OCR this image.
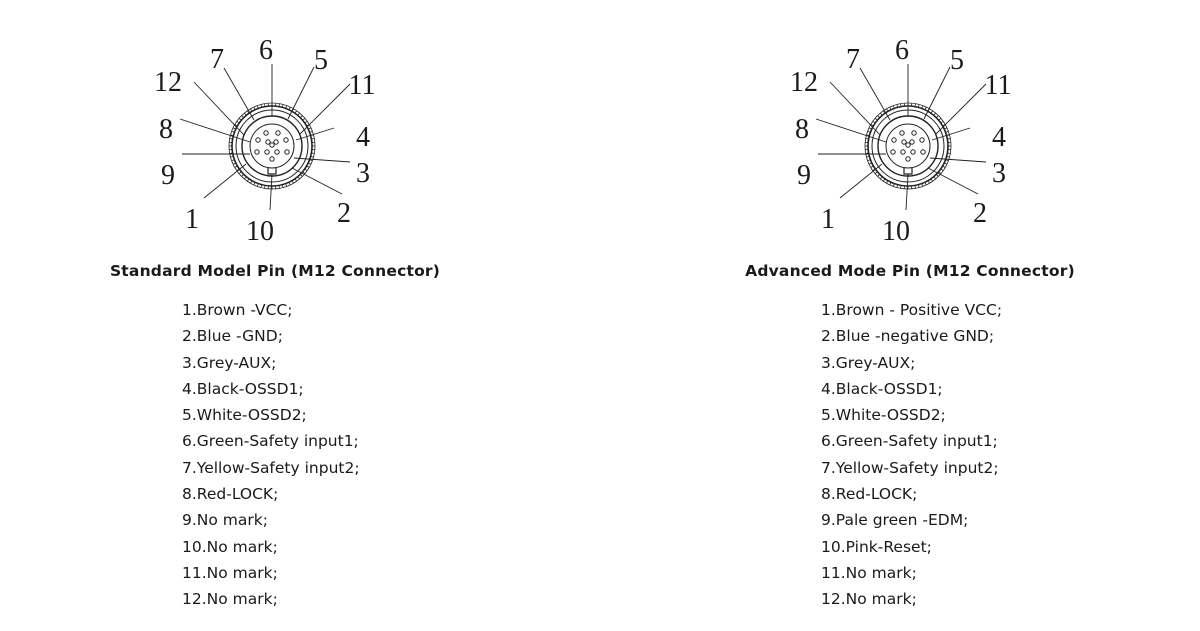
1	2
3
4
5
6
7
8
9
10
11
12
Standard Model Pin (M12 Connector)
1.Brown -VCC;
2.Blue -GND;
3.Grey-AUX;
4.Black-OSSD1;
5.White-OSSD2;
6.Green-Safety input1;
7.Yellow-Safety input2;
8.Red-LOCK;
9.No mark;
10.No mark;
11.No mark;
12.No mark;
1	2
3
4
5
6
7
8
9
10
11
12
Advanced Mode Pin (M12 Connector)
1.Brown - Positive VCC;
2.Blue -negative GND;
3.Grey-AUX;
4.Black-OSSD1;
5.White-OSSD2;
6.Green-Safety input1;
7.Yellow-Safety input2;
8.Red-LOCK;
9.Pale green -EDM;
10.Pink-Reset;
11.No mark;
12.No mark;
